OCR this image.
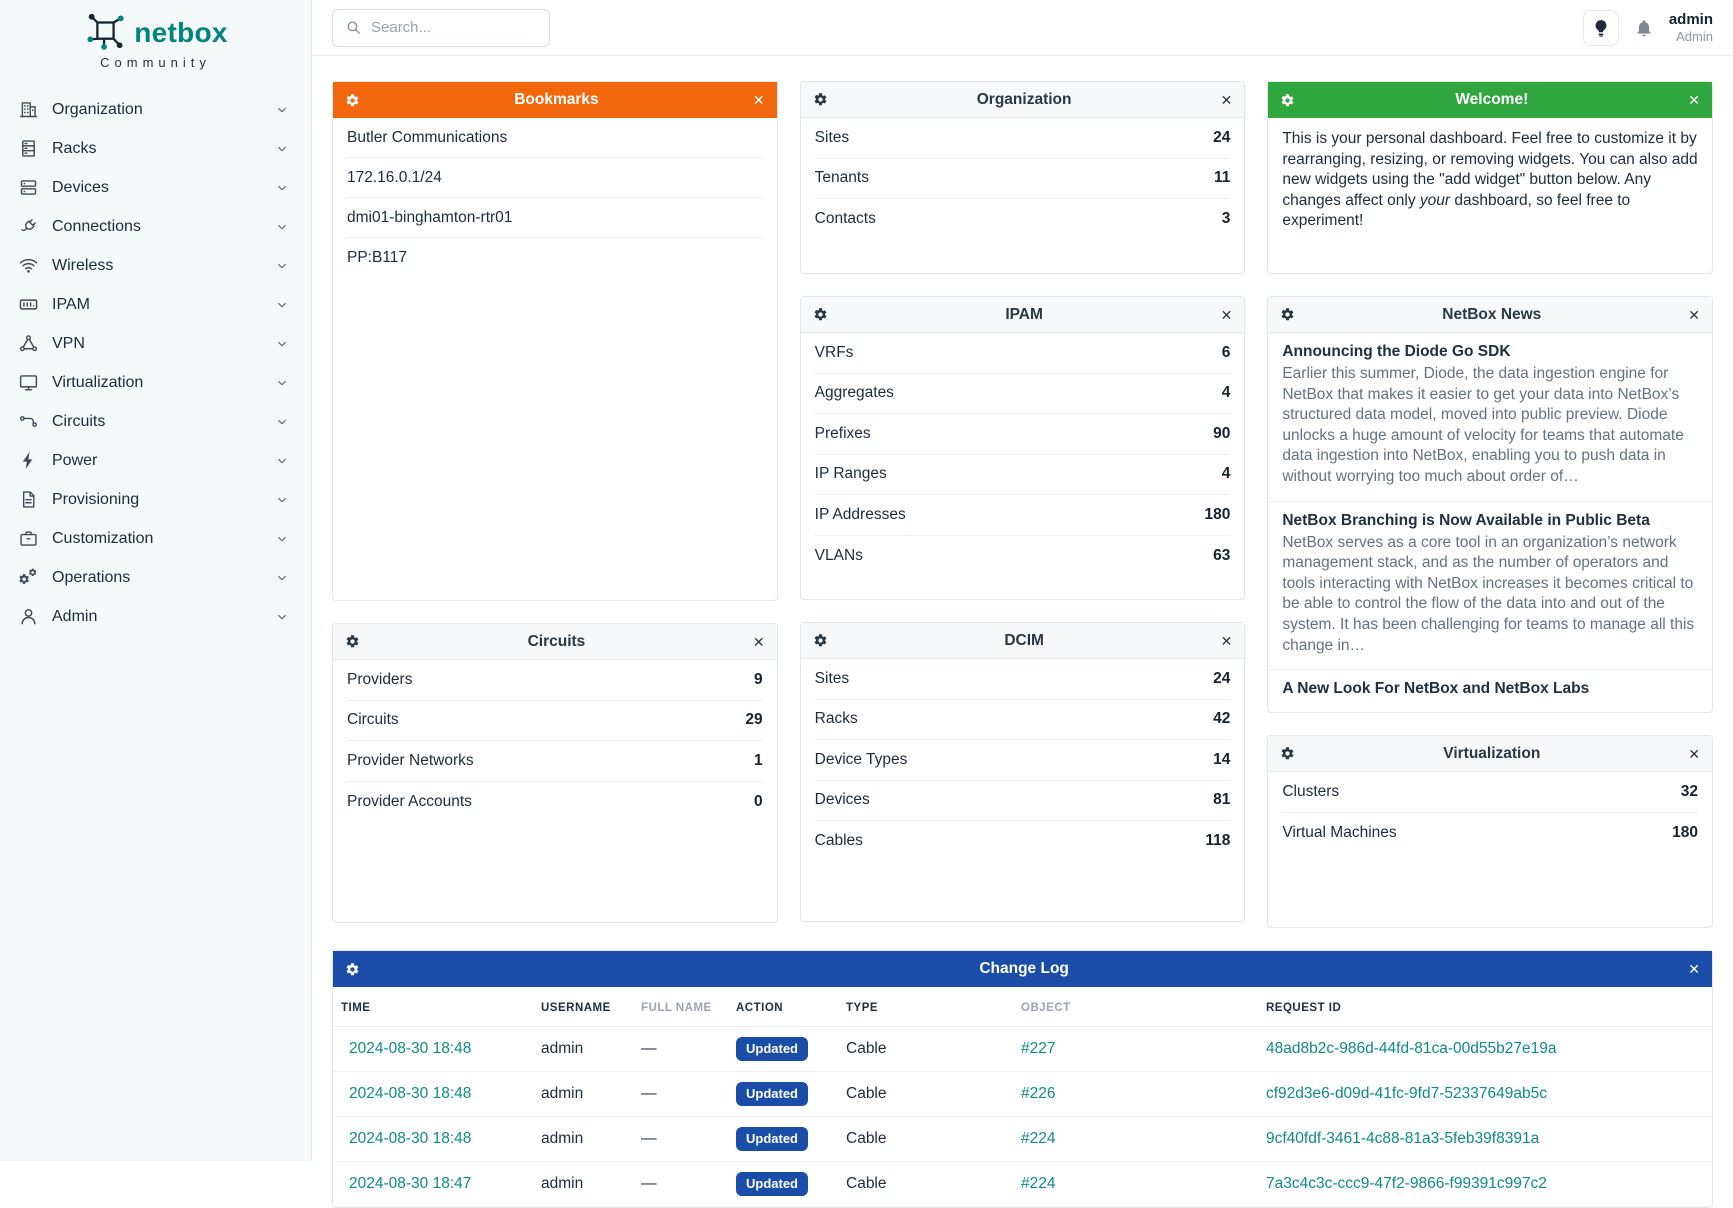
netbox
Community
Organization
Racks
Devices
Connections
Wireless
IPAM
VPN
Virtualization
Circuits
Power
Provisioning
Customization
Operations
Admin
Search...
admin
Admin
Bookmarks
✕
Butler Communications
172.16.0.1/24
dmi01-binghamton-rtr01
PP:B117
Circuits
✕
Providers	9
Circuits	29
Provider Networks	1
Provider Accounts	0
Organization
✕
Sites	24
Tenants	11
Contacts	3
IPAM
✕
VRFs	6
Aggregates	4
Prefixes	90
IP Ranges	4
IP Addresses	180
VLANs	63
DCIM
✕
Sites	24
Racks	42
Device Types	14
Devices	81
Cables	118
Welcome!
✕

This is your personal dashboard. Feel free to customize it by rearranging, resizing, or removing widgets. You can also add new widgets using the "add widget" button below. Any changes affect only your dashboard, so feel free to experiment!

NetBox News
✕
Announcing the Diode Go SDK
Earlier this summer, Diode, the data ingestion engine for NetBox that makes it easier to get your data into NetBox’s structured data model, moved into public preview. Diode unlocks a huge amount of velocity for teams that automate data ingestion into NetBox, enabling you to push data in without worrying too much about order of…
NetBox Branching is Now Available in Public Beta
NetBox serves as a core tool in an organization’s network management stack, and as the number of operators and tools interacting with NetBox increases it becomes critical to be able to control the flow of the data into and out of the system. It has been challenging for teams to manage all this change in…
A New Look For NetBox and NetBox Labs
Virtualization
✕
Clusters	32
Virtual Machines	180
Change Log
✕
TIME	USERNAME	FULL NAME	ACTION	TYPE	OBJECT	REQUEST ID
2024-08-30 18:48	admin	—	Updated	Cable	#227	48ad8b2c-986d-44fd-81ca-00d55b27e19a
2024-08-30 18:48	admin	—	Updated	Cable	#226	cf92d3e6-d09d-41fc-9fd7-52337649ab5c
2024-08-30 18:48	admin	—	Updated	Cable	#224	9cf40fdf-3461-4c88-81a3-5feb39f8391a
2024-08-30 18:47	admin	—	Updated	Cable	#224	7a3c4c3c-ccc9-47f2-9866-f99391c997c2
